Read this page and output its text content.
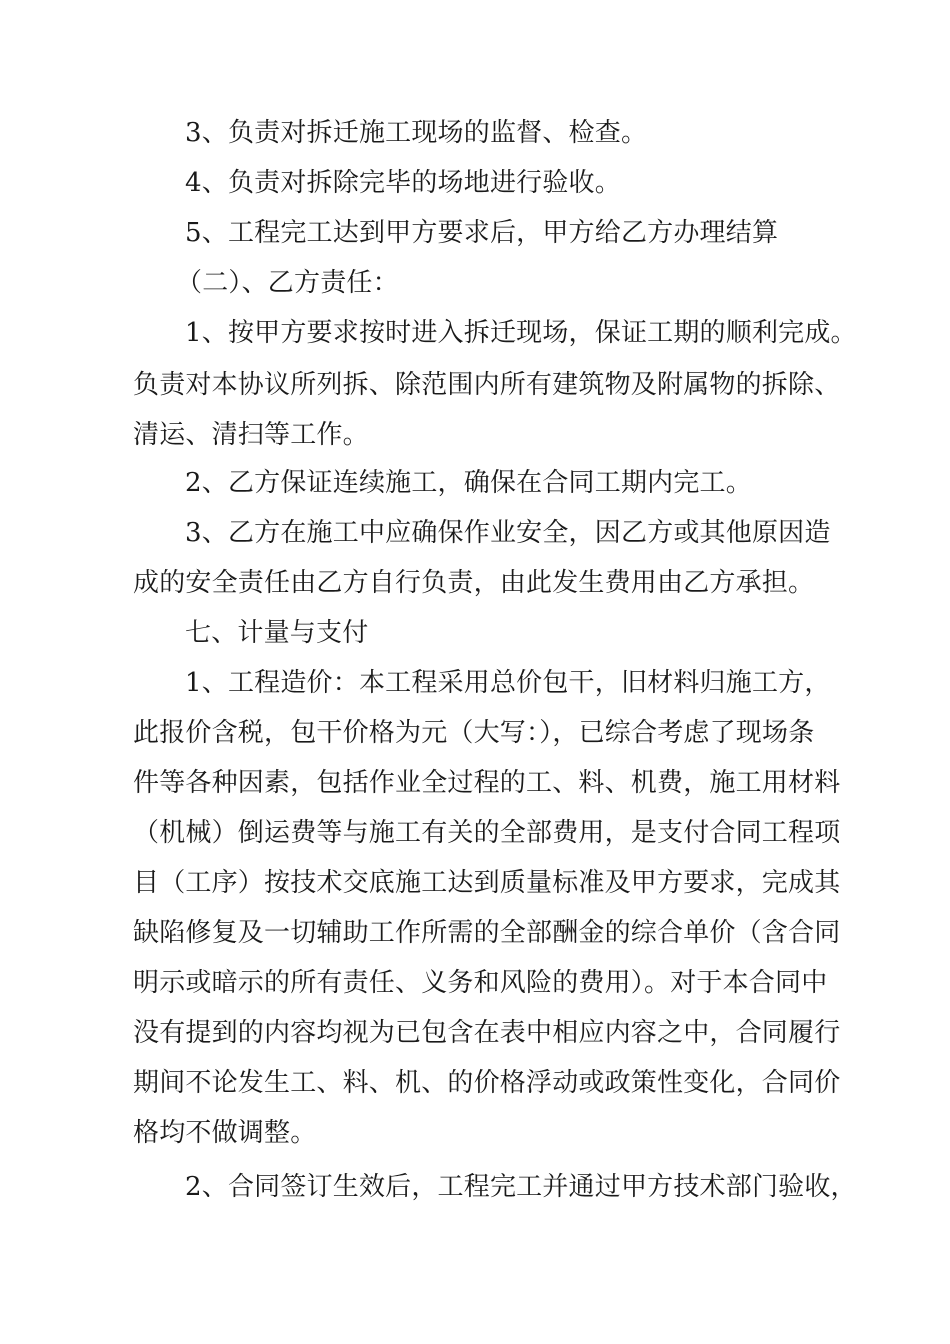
3、负责对拆迁施工现场的监督、检查。
4、负责对拆除完毕的场地进行验收。
5、工程完工达到甲方要求后，甲方给乙方办理结算
（二）、乙方责任：
1、按甲方要求按时进入拆迁现场，保证工期的顺利完成。
负责对本协议所列拆、除范围内所有建筑物及附属物的拆除、
清运、清扫等工作。
2、乙方保证连续施工，确保在合同工期内完工。
3、乙方在施工中应确保作业安全，因乙方或其他原因造
成的安全责任由乙方自行负责，由此发生费用由乙方承担。
七、计量与支付
1、工程造价：本工程采用总价包干，旧材料归施工方，
此报价含税，包干价格为元（大写：），已综合考虑了现场条
件等各种因素，包括作业全过程的工、料、机费，施工用材料
（机械）倒运费等与施工有关的全部费用，是支付合同工程项
目（工序）按技术交底施工达到质量标准及甲方要求，完成其
缺陷修复及一切辅助工作所需的全部酬金的综合单价（含合同
明示或暗示的所有责任、义务和风险的费用）。对于本合同中
没有提到的内容均视为已包含在表中相应内容之中，合同履行
期间不论发生工、料、机、的价格浮动或政策性变化，合同价
格均不做调整。
2、合同签订生效后，工程完工并通过甲方技术部门验收，
